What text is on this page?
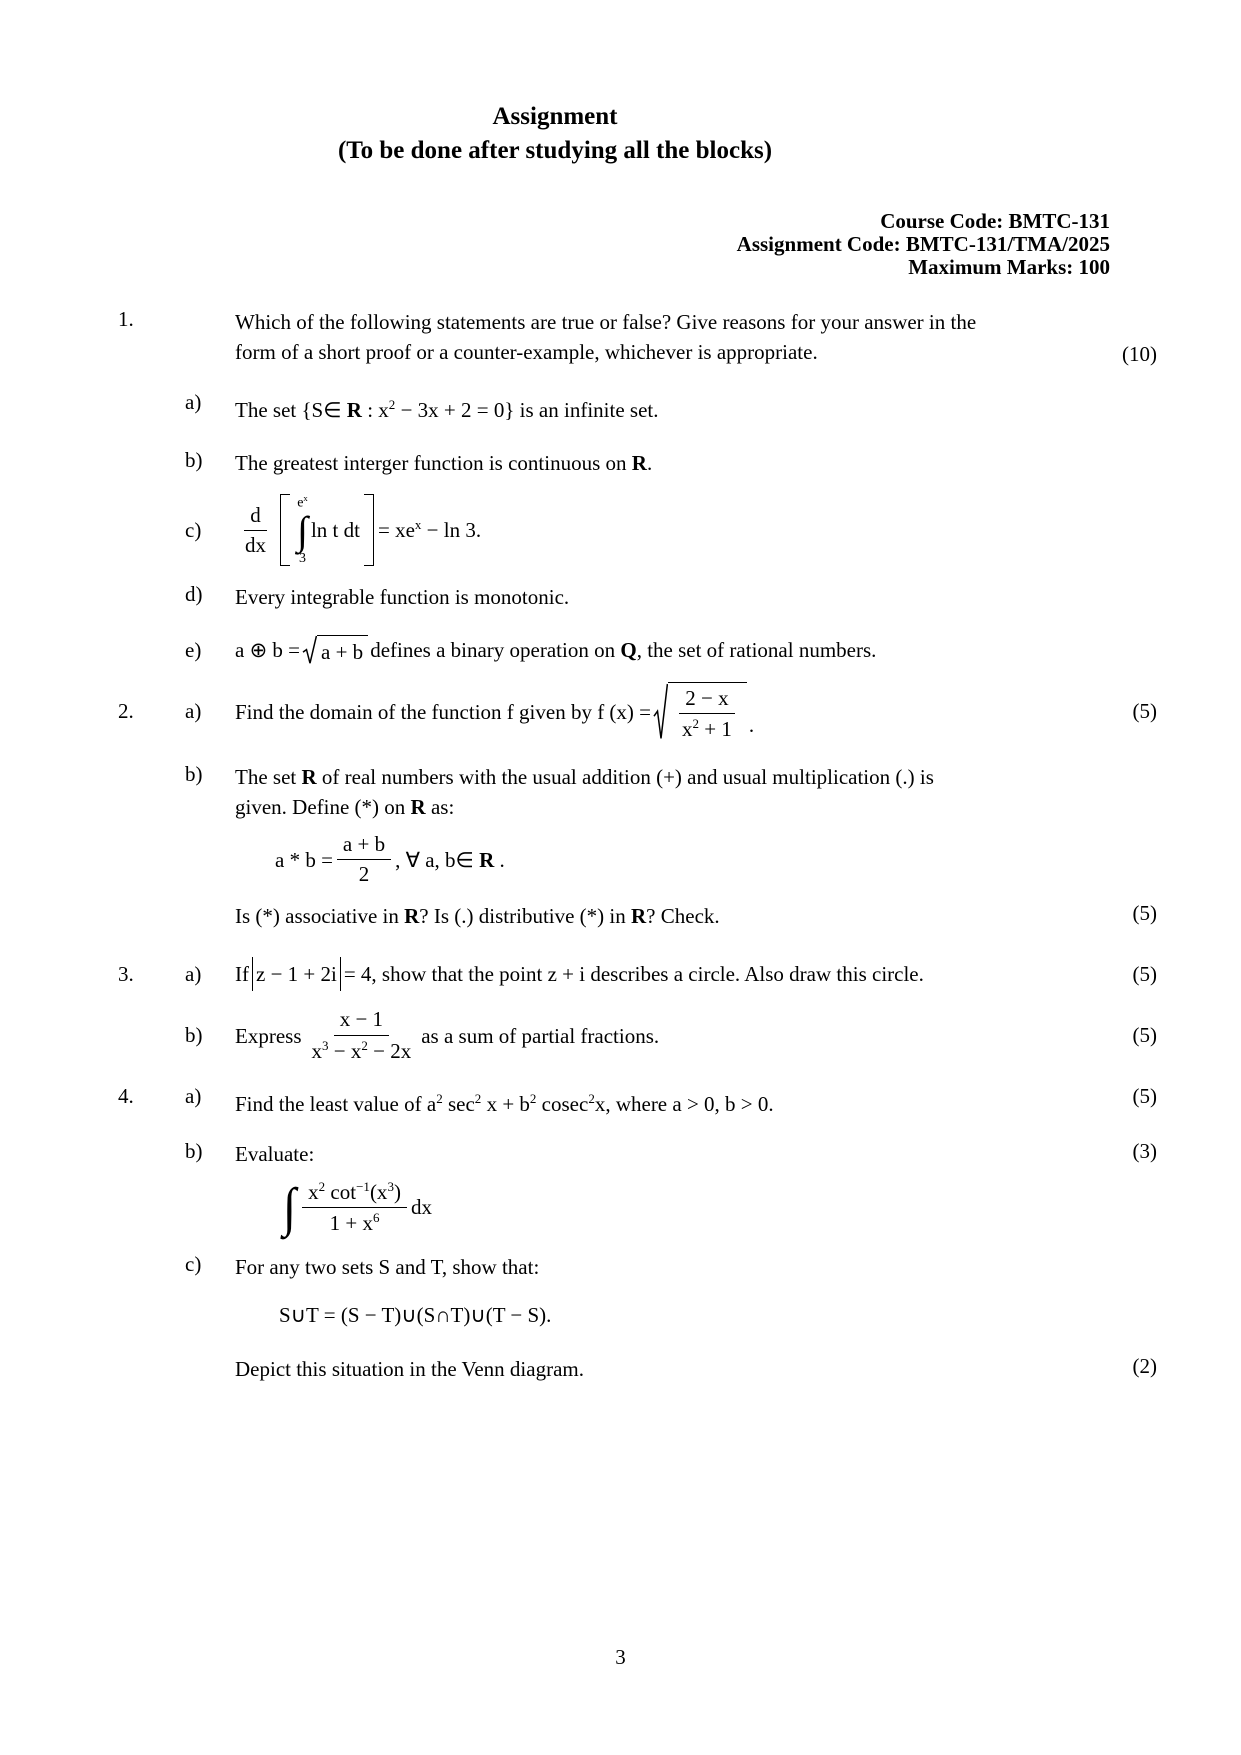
Assignment
(To be done after studying all the blocks)
Course Code: BMTC-131
Assignment Code: BMTC-131/TMA/2025
Maximum Marks: 100
1.	Which of the following statements are true or false? Give reasons for your answer in the
form of a short proof or a counter-example, whichever is appropriate.	(10)
a)	The set {S∈ R : $x^2 - 3x + 2 = 0$} is an infinite set.
b)	The greatest interger function is continuous on R.
c)	$\frac{d}{dx} e^x$
∫
3
ln t dt = $xe^x - \ln 3$.
d)	Every integrable function is monotonic.
e)	a ⊕ b = a + b defines a binary operation on Q, the set of rational numbers.
2.	a)	Find the domain of the function f given by f $(x) = \frac{2 - x}{x^2 + 1}$ .
(5)
b)	The set R of real numbers with the usual addition (+) and usual multiplication (.) is
given. Define (*) on R as:
$a * b = \frac{a + b}{2}$ , ∀ a, b∈ R .
Is (*) associative in R? Is (.) distributive (*) in R? Check.	(5)
3.	a)	If z − 1 + 2i = 4, show that the point z + i describes a circle. Also draw this circle.	(5)
b)	Express $\frac{x - 1}{x^3 - x^2 - 2x}$ as a sum of partial fractions.	(5)
4.	a)	Find the least value of $a^2$ $\sec^2 x + b^2$ cosec$^2$x, where a > 0, b > 0.	(5)
b)	Evaluate:	(3)
∫ $\frac{x^2 \cot^{-1}(x^3)}{1 + x^6}$ dx
c)	For any two sets S and T, show that:
S∪T = (S − T)∪(S∩T)∪(T − S).
Depict this situation in the Venn diagram.	(2)
3
